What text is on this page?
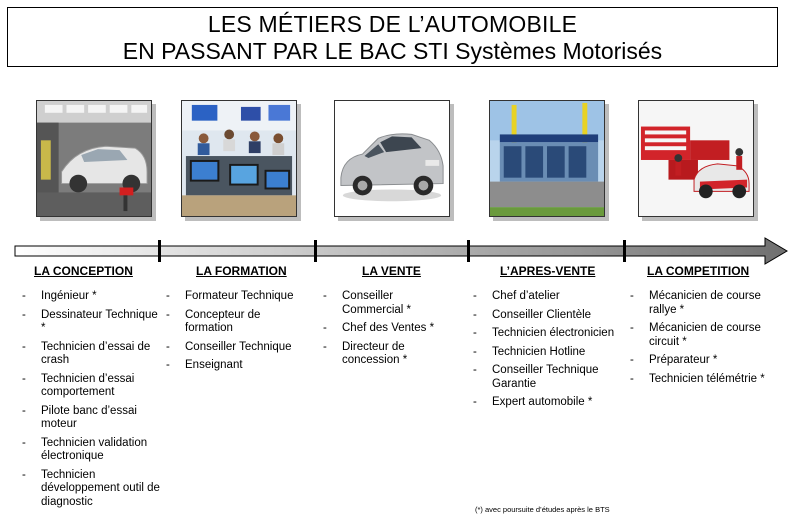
LES MÉTIERS DE L’AUTOMOBILE
EN PASSANT PAR LE BAC STI Systèmes Motorisés
LA CONCEPTION
- Ingénieur *
- Dessinateur Technique *
- Technicien d’essai de crash
- Technicien d’essai comportement
- Pilote banc d’essai moteur
- Technicien validation électronique
- Technicien développement outil de diagnostic
LA FORMATION
- Formateur Technique
- Concepteur de formation
- Conseiller Technique
- Enseignant
LA VENTE
- Conseiller Commercial *
- Chef des Ventes *
- Directeur de concession *
L’APRES-VENTE
- Chef d’atelier
- Conseiller Clientèle
- Technicien électronicien
- Technicien Hotline
- Conseiller Technique Garantie
- Expert automobile *
LA COMPETITION
- Mécanicien de course rallye *
- Mécanicien de course circuit *
- Préparateur *
- Technicien télémétrie *
(*) avec poursuite d’études après le BTS
